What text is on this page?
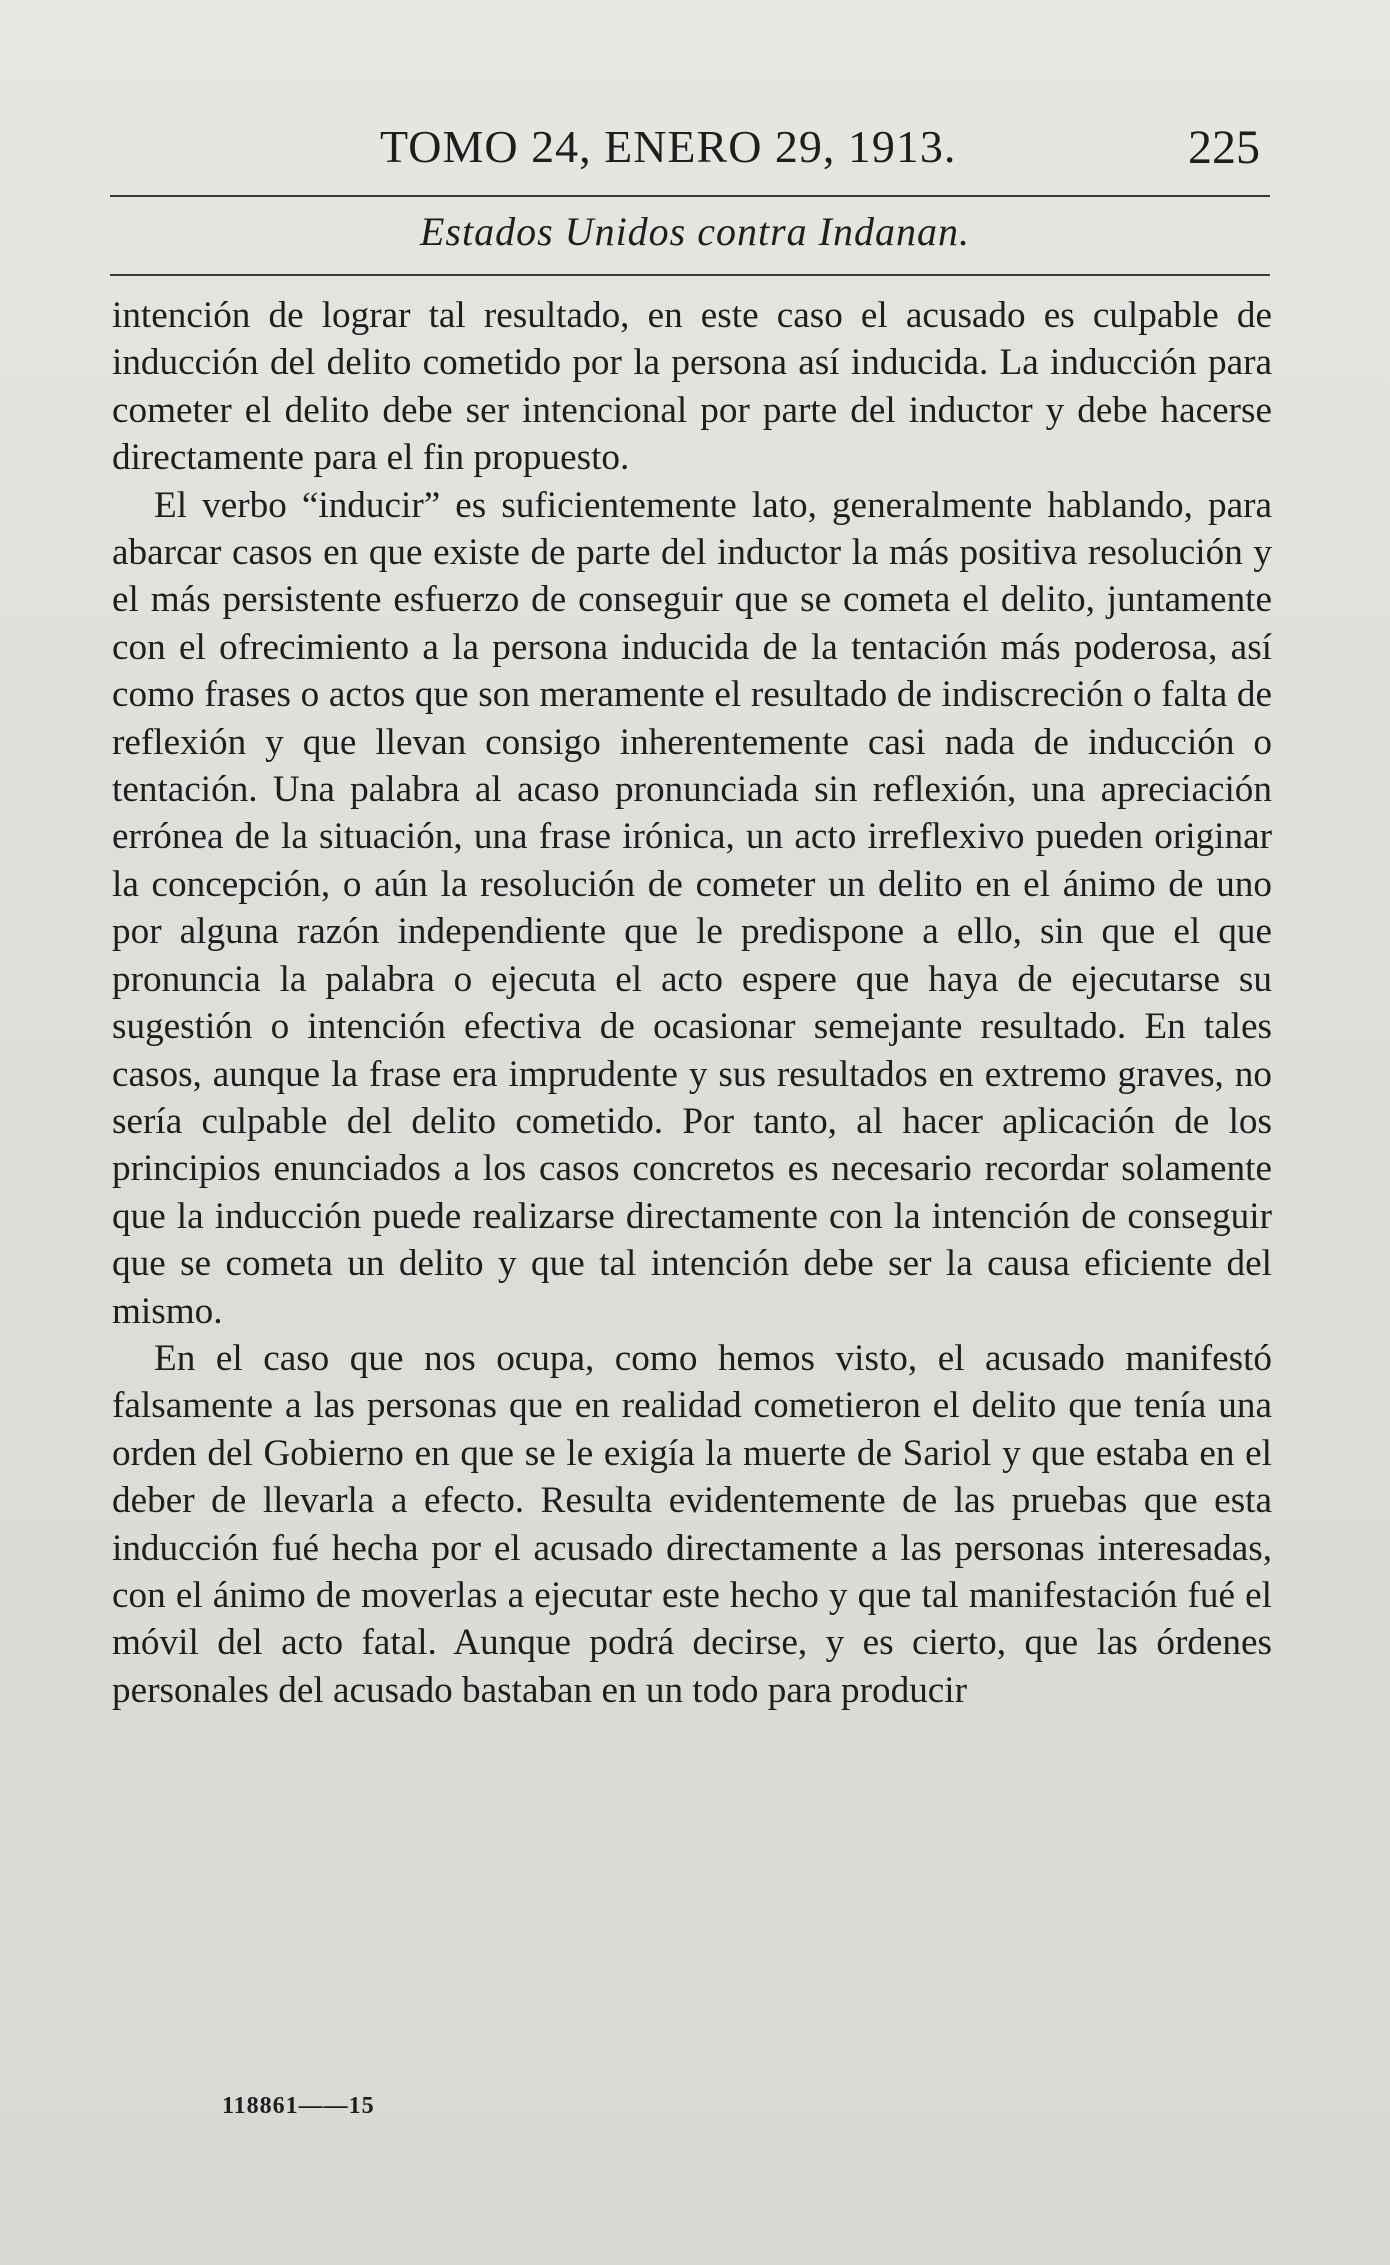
TOMO 24, ENERO 29, 1913.	225
Estados Unidos contra Indanan.

intención de lograr tal resultado, en este caso el acusado es culpable de inducción del delito cometido por la persona así inducida. La inducción para cometer el delito debe ser intencional por parte del inductor y debe hacerse directamente para el fin propuesto.

El verbo “inducir” es suficientemente lato, generalmente hablando, para abarcar casos en que existe de parte del inductor la más positiva resolución y el más persistente esfuerzo de conseguir que se cometa el delito, juntamente con el ofrecimiento a la persona inducida de la tentación más poderosa, así como frases o actos que son meramente el resultado de indiscreción o falta de reflexión y que llevan consigo inherentemente casi nada de inducción o tentación. Una palabra al acaso pronunciada sin reflexión, una apreciación errónea de la situación, una frase irónica, un acto irreflexivo pueden originar la concepción, o aún la resolución de cometer un delito en el ánimo de uno por alguna razón independiente que le predispone a ello, sin que el que pronuncia la palabra o ejecuta el acto espere que haya de ejecutarse su sugestión o intención efectiva de ocasionar semejante resultado. En tales casos, aunque la frase era imprudente y sus resultados en extremo graves, no sería culpable del delito cometido. Por tanto, al hacer aplicación de los principios enunciados a los casos concretos es necesario recordar solamente que la inducción puede realizarse directamente con la intención de conseguir que se cometa un delito y que tal intención debe ser la causa eficiente del mismo.

En el caso que nos ocupa, como hemos visto, el acusado manifestó falsamente a las personas que en realidad cometieron el delito que tenía una orden del Gobierno en que se le exigía la muerte de Sariol y que estaba en el deber de llevarla a efecto. Resulta evidentemente de las pruebas que esta inducción fué hecha por el acusado directamente a las personas interesadas, con el ánimo de moverlas a ejecutar este hecho y que tal manifestación fué el móvil del acto fatal. Aunque podrá decirse, y es cierto, que las órdenes personales del acusado bastaban en un todo para producir

118861——15
